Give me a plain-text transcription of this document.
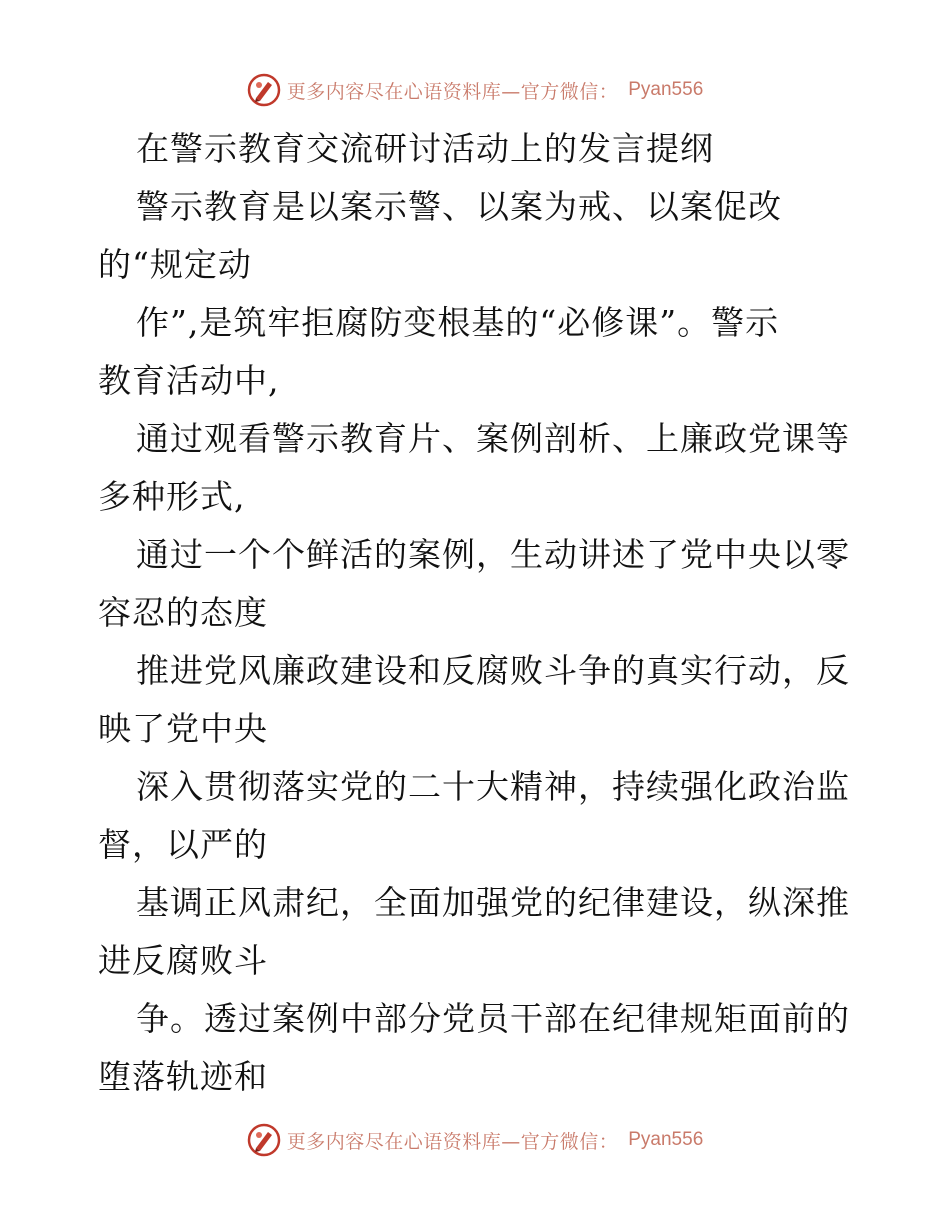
更多内容尽在心语资料库—官方微信： Pyan556
在警示教育交流研讨活动上的发言提纲
警示教育是以案示警、以案为戒、以案促改
的“规定动
作”,是筑牢拒腐防变根基的“必修课”。警示
教育活动中,
通过观看警示教育片、案例剖析、上廉政党课等
多种形式,
通过一个个鲜活的案例，生动讲述了党中央以零
容忍的态度
推进党风廉政建设和反腐败斗争的真实行动，反
映了党中央
深入贯彻落实党的二十大精神，持续强化政治监
督，以严的
基调正风肃纪，全面加强党的纪律建设，纵深推
进反腐败斗
争。透过案例中部分党员干部在纪律规矩面前的
堕落轨迹和
更多内容尽在心语资料库—官方微信： Pyan556
